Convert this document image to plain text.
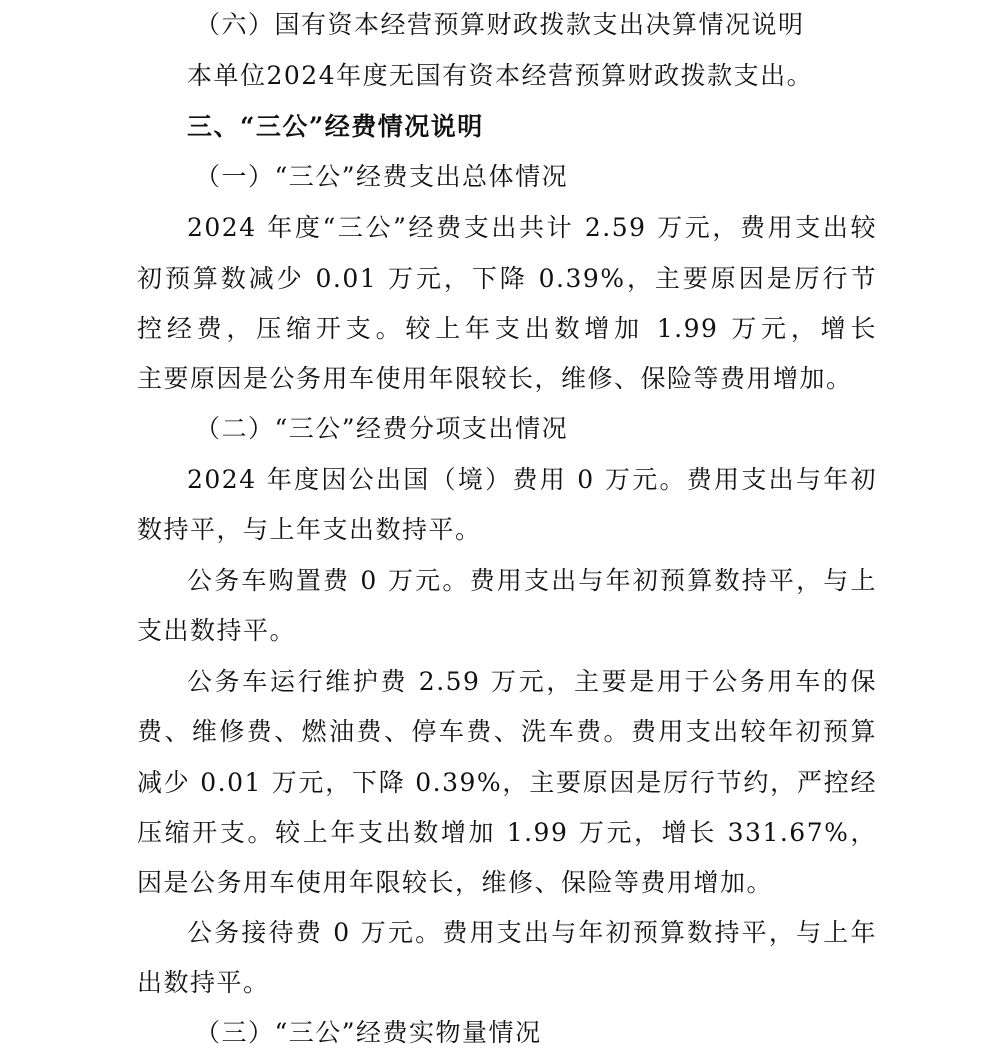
（六）国有资本经营预算财政拨款支出决算情况说明
本单位2024年度无国有资本经营预算财政拨款支出。
三、“三公”经费情况说明
（一）“三公”经费支出总体情况
2024 年度“三公”经费支出共计 2.59 万元，费用支出较
初预算数减少 0.01 万元，下降 0.39%，主要原因是厉行节
控经费，压缩开支。较上年支出数增加 1.99 万元，增长
主要原因是公务用车使用年限较长，维修、保险等费用增加。
（二）“三公”经费分项支出情况
2024 年度因公出国（境）费用 0 万元。费用支出与年初
数持平，与上年支出数持平。
公务车购置费 0 万元。费用支出与年初预算数持平，与上
支出数持平。
公务车运行维护费 2.59 万元，主要是用于公务用车的保
费、维修费、燃油费、停车费、洗车费。费用支出较年初预算
减少 0.01 万元，下降 0.39%，主要原因是厉行节约，严控经
压缩开支。较上年支出数增加 1.99 万元，增长 331.67%，
因是公务用车使用年限较长，维修、保险等费用增加。
公务接待费 0 万元。费用支出与年初预算数持平，与上年
出数持平。
（三）“三公”经费实物量情况
